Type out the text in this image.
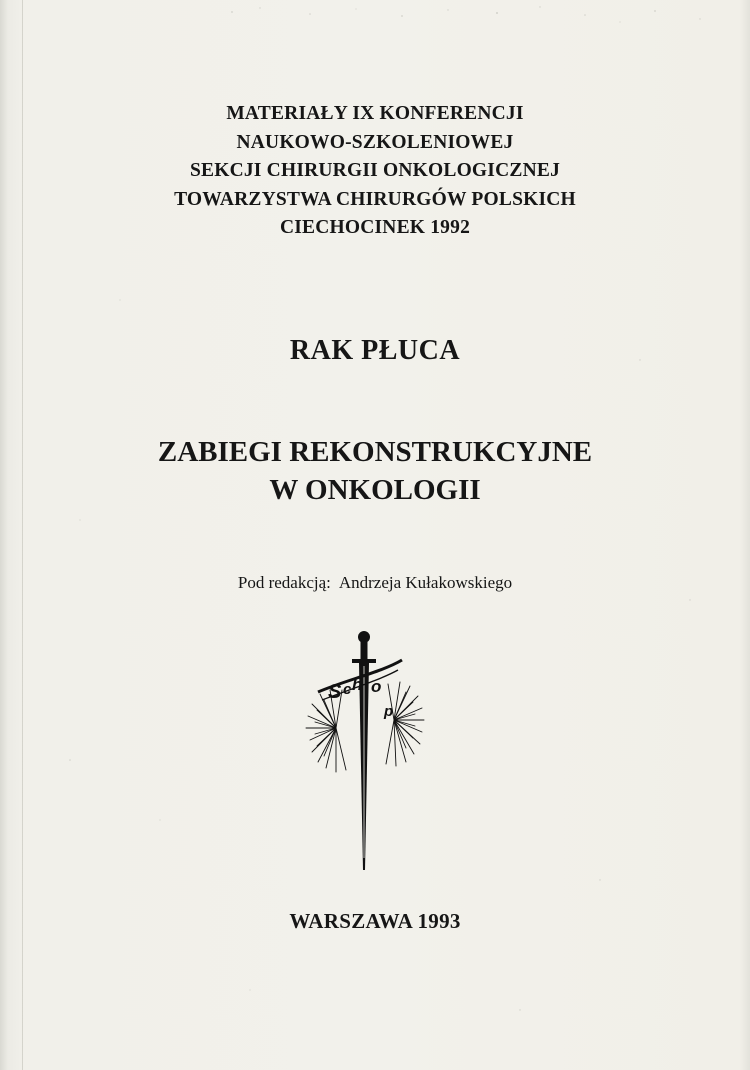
MATERIAŁY IX KONFERENCJI
NAUKOWO-SZKOLENIOWEJ
SEKCJI CHIRURGII ONKOLOGICZNEJ
TOWARZYSTWA CHIRURGÓW POLSKICH
CIECHOCINEK 1992
RAK PŁUCA
ZABIEGI REKONSTRUKCYJNE
W ONKOLOGII
Pod redakcją: Andrzeja Kułakowskiego
S c h o
p
WARSZAWA 1993
